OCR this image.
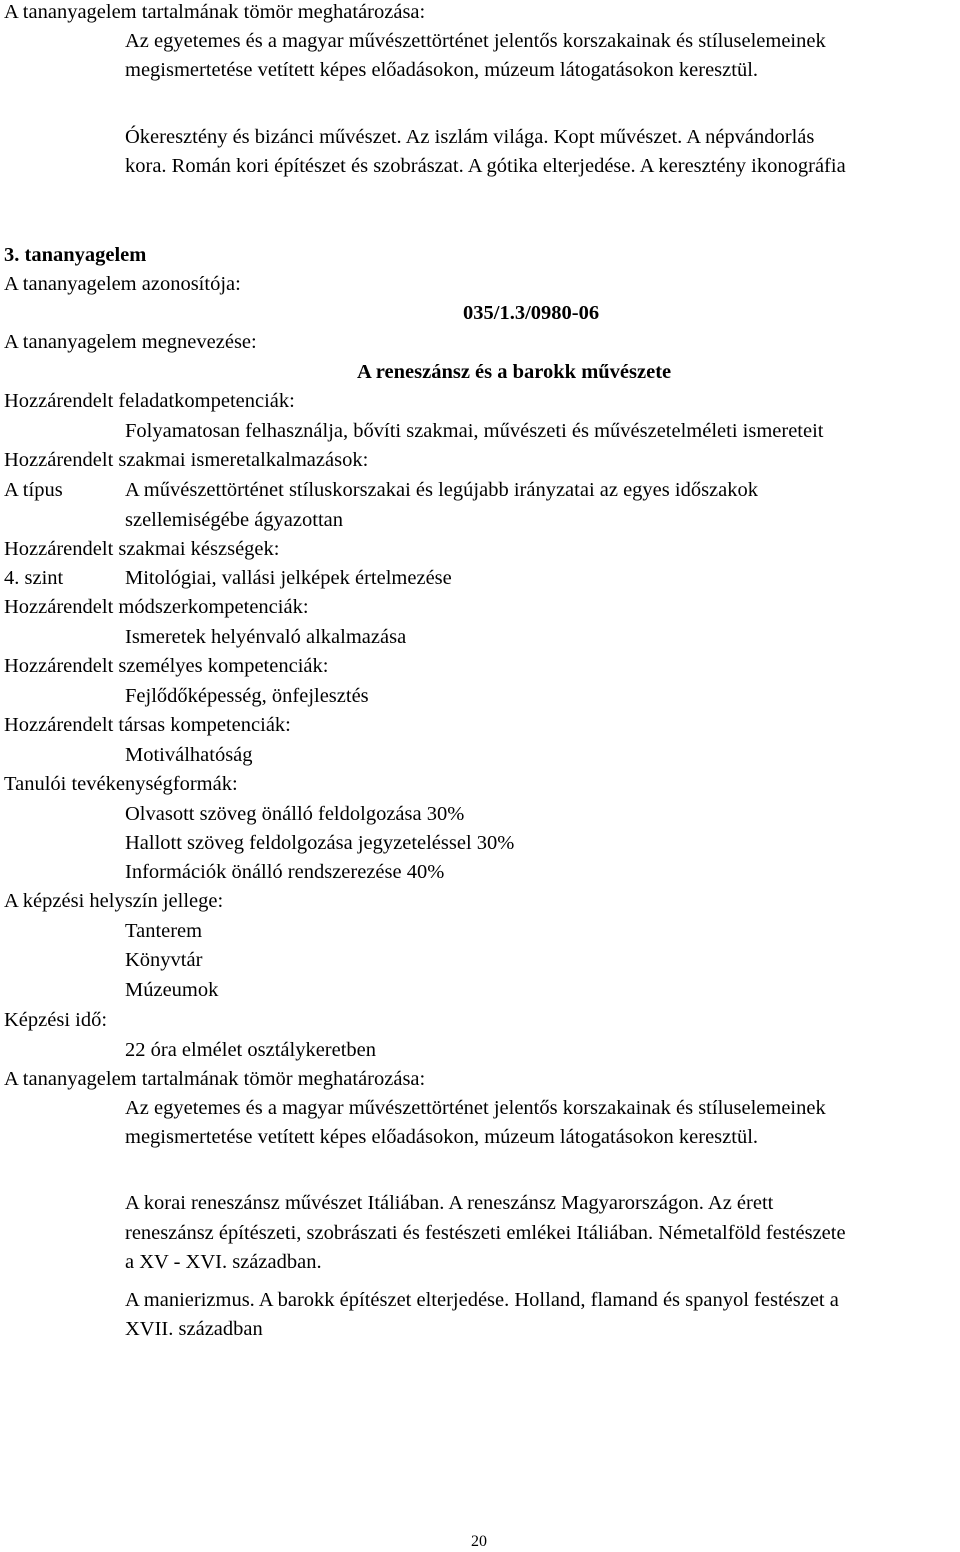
A tananyagelem tartalmának tömör meghatározása:
Az egyetemes és a magyar művészettörténet jelentős korszakainak és stíluselemeinek
megismertetése vetített képes előadásokon, múzeum látogatásokon keresztül.
Ókeresztény és bizánci művészet. Az iszlám világa. Kopt művészet. A népvándorlás
kora. Román kori építészet és szobrászat. A gótika elterjedése. A keresztény ikonográfia
3. tananyagelem
A tananyagelem azonosítója:
035/1.3/0980-06
A tananyagelem megnevezése:
A reneszánsz és a barokk művészete
Hozzárendelt feladatkompetenciák:
Folyamatosan felhasználja, bővíti szakmai, művészeti és művészetelméleti ismereteit
Hozzárendelt szakmai ismeretalkalmazások:
A típus	A művészettörténet stíluskorszakai és legújabb irányzatai az egyes időszakok
szellemiségébe ágyazottan
Hozzárendelt szakmai készségek:
4. szint	Mitológiai, vallási jelképek értelmezése
Hozzárendelt módszerkompetenciák:
Ismeretek helyénvaló alkalmazása
Hozzárendelt személyes kompetenciák:
Fejlődőképesség, önfejlesztés
Hozzárendelt társas kompetenciák:
Motiválhatóság
Tanulói tevékenységformák:
Olvasott szöveg önálló feldolgozása 30%
Hallott szöveg feldolgozása jegyzeteléssel 30%
Információk önálló rendszerezése 40%
A képzési helyszín jellege:
Tanterem
Könyvtár
Múzeumok
Képzési idő:
22 óra elmélet osztálykeretben
A tananyagelem tartalmának tömör meghatározása:
Az egyetemes és a magyar művészettörténet jelentős korszakainak és stíluselemeinek
megismertetése vetített képes előadásokon, múzeum látogatásokon keresztül.
A korai reneszánsz művészet Itáliában. A reneszánsz Magyarországon. Az érett
reneszánsz építészeti, szobrászati és festészeti emlékei Itáliában. Németalföld festészete
a XV - XVI. században.
A manierizmus. A barokk építészet elterjedése. Holland, flamand és spanyol festészet a
XVII. században
20
